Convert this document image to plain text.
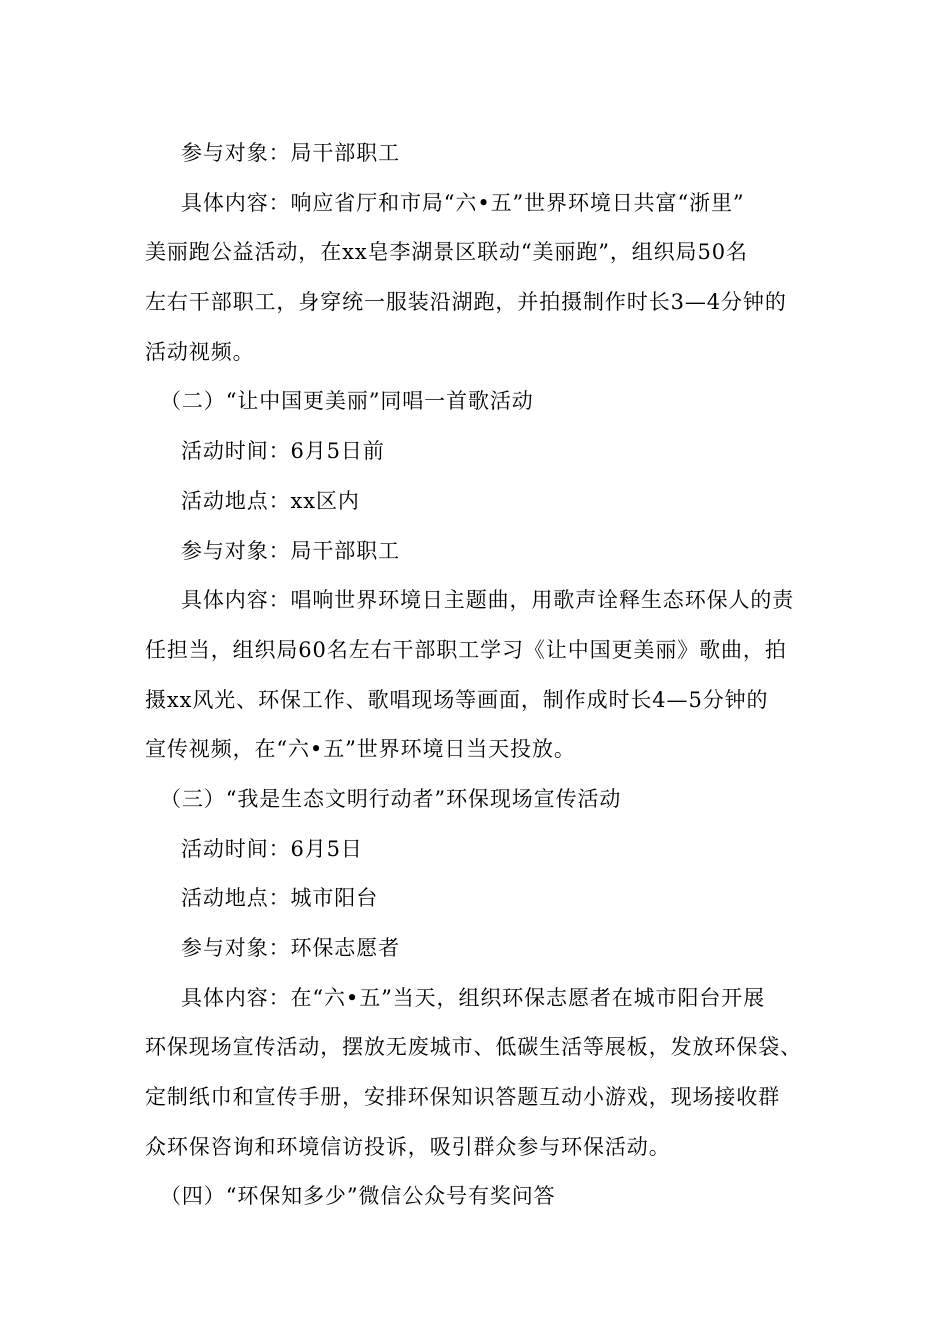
参与对象：局干部职工
具体内容：响应省厅和市局“六•五”世界环境日共富“浙里”
美丽跑公益活动，在xx皂李湖景区联动“美丽跑”，组织局50名
左右干部职工，身穿统一服装沿湖跑，并拍摄制作时长3—4分钟的
活动视频。
（二）“让中国更美丽”同唱一首歌活动
活动时间：6月5日前
活动地点：xx区内
参与对象：局干部职工
具体内容：唱响世界环境日主题曲，用歌声诠释生态环保人的责
任担当，组织局60名左右干部职工学习《让中国更美丽》歌曲，拍
摄xx风光、环保工作、歌唱现场等画面，制作成时长4—5分钟的
宣传视频，在“六•五”世界环境日当天投放。
（三）“我是生态文明行动者”环保现场宣传活动
活动时间：6月5日
活动地点：城市阳台
参与对象：环保志愿者
具体内容：在“六•五”当天，组织环保志愿者在城市阳台开展
环保现场宣传活动，摆放无废城市、低碳生活等展板，发放环保袋、
定制纸巾和宣传手册，安排环保知识答题互动小游戏，现场接收群
众环保咨询和环境信访投诉，吸引群众参与环保活动。
（四）“环保知多少”微信公众号有奖问答
